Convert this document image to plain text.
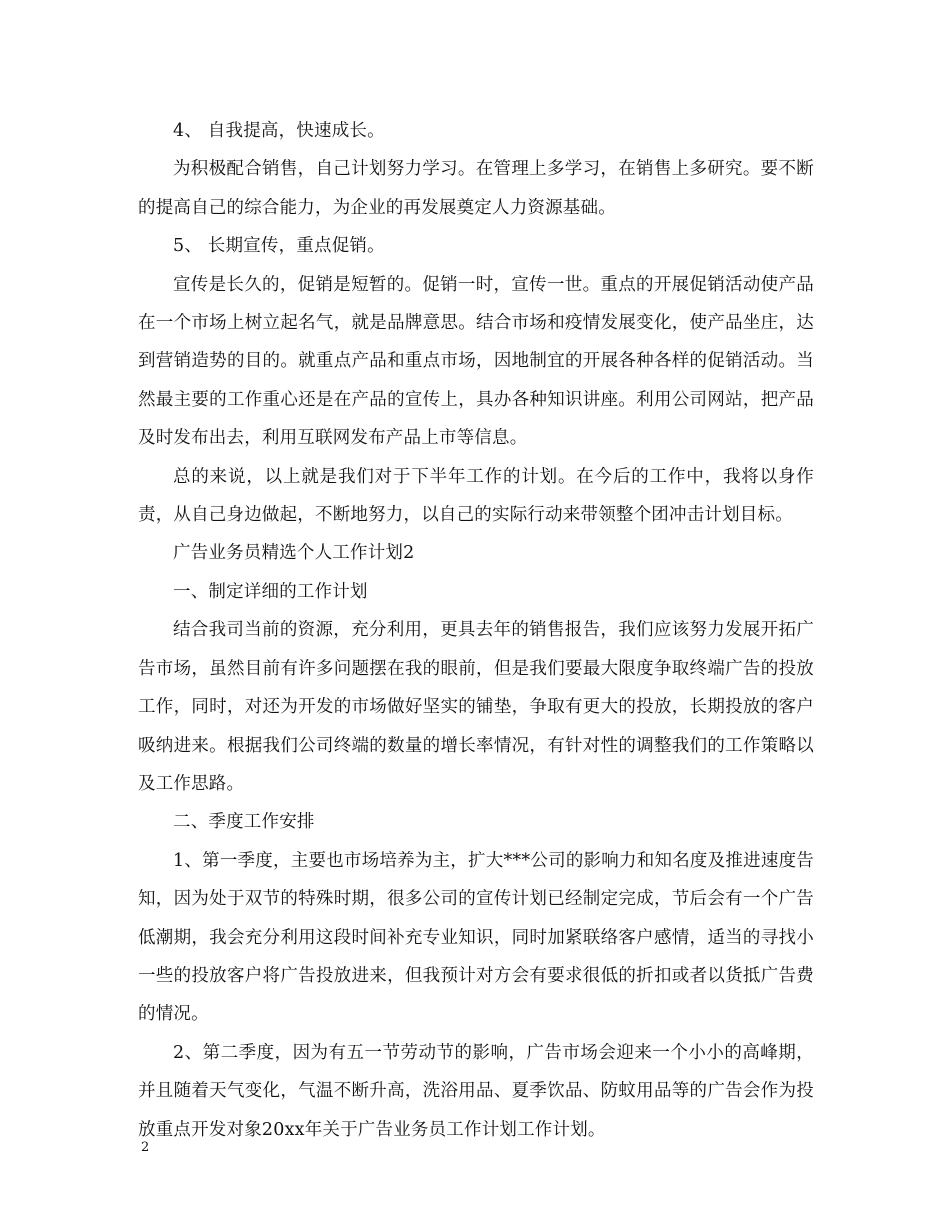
4、 自我提高，快速成长。

为积极配合销售，自己计划努力学习。在管理上多学习，在销售上多研究。要不断的提高自己的综合能力，为企业的再发展奠定人力资源基础。

5、 长期宣传，重点促销。

宣传是长久的，促销是短暂的。促销一时，宣传一世。重点的开展促销活动使产品在一个市场上树立起名气，就是品牌意思。结合市场和疫情发展变化，使产品坐庄，达到营销造势的目的。就重点产品和重点市场，因地制宜的开展各种各样的促销活动。当然最主要的工作重心还是在产品的宣传上，具办各种知识讲座。利用公司网站，把产品及时发布出去，利用互联网发布产品上市等信息。

总的来说，以上就是我们对于下半年工作的计划。在今后的工作中，我将以身作责，从自己身边做起，不断地努力，以自己的实际行动来带领整个团冲击计划目标。

广告业务员精选个人工作计划2

一、制定详细的工作计划

结合我司当前的资源，充分利用，更具去年的销售报告，我们应该努力发展开拓广告市场，虽然目前有许多问题摆在我的眼前，但是我们要最大限度争取终端广告的投放工作，同时，对还为开发的市场做好坚实的铺垫，争取有更大的投放，长期投放的客户吸纳进来。根据我们公司终端的数量的增长率情况，有针对性的调整我们的工作策略以及工作思路。

二、季度工作安排

1、第一季度，主要也市场培养为主，扩大***公司的影响力和知名度及推进速度告知，因为处于双节的特殊时期，很多公司的宣传计划已经制定完成，节后会有一个广告低潮期，我会充分利用这段时间补充专业知识，同时加紧联络客户感情，适当的寻找小一些的投放客户将广告投放进来，但我预计对方会有要求很低的折扣或者以货抵广告费的情况。

2、第二季度，因为有五一节劳动节的影响，广告市场会迎来一个小小的高峰期，并且随着天气变化，气温不断升高，洗浴用品、夏季饮品、防蚊用品等的广告会作为投放重点开发对象20xx年关于广告业务员工作计划工作计划。

2
